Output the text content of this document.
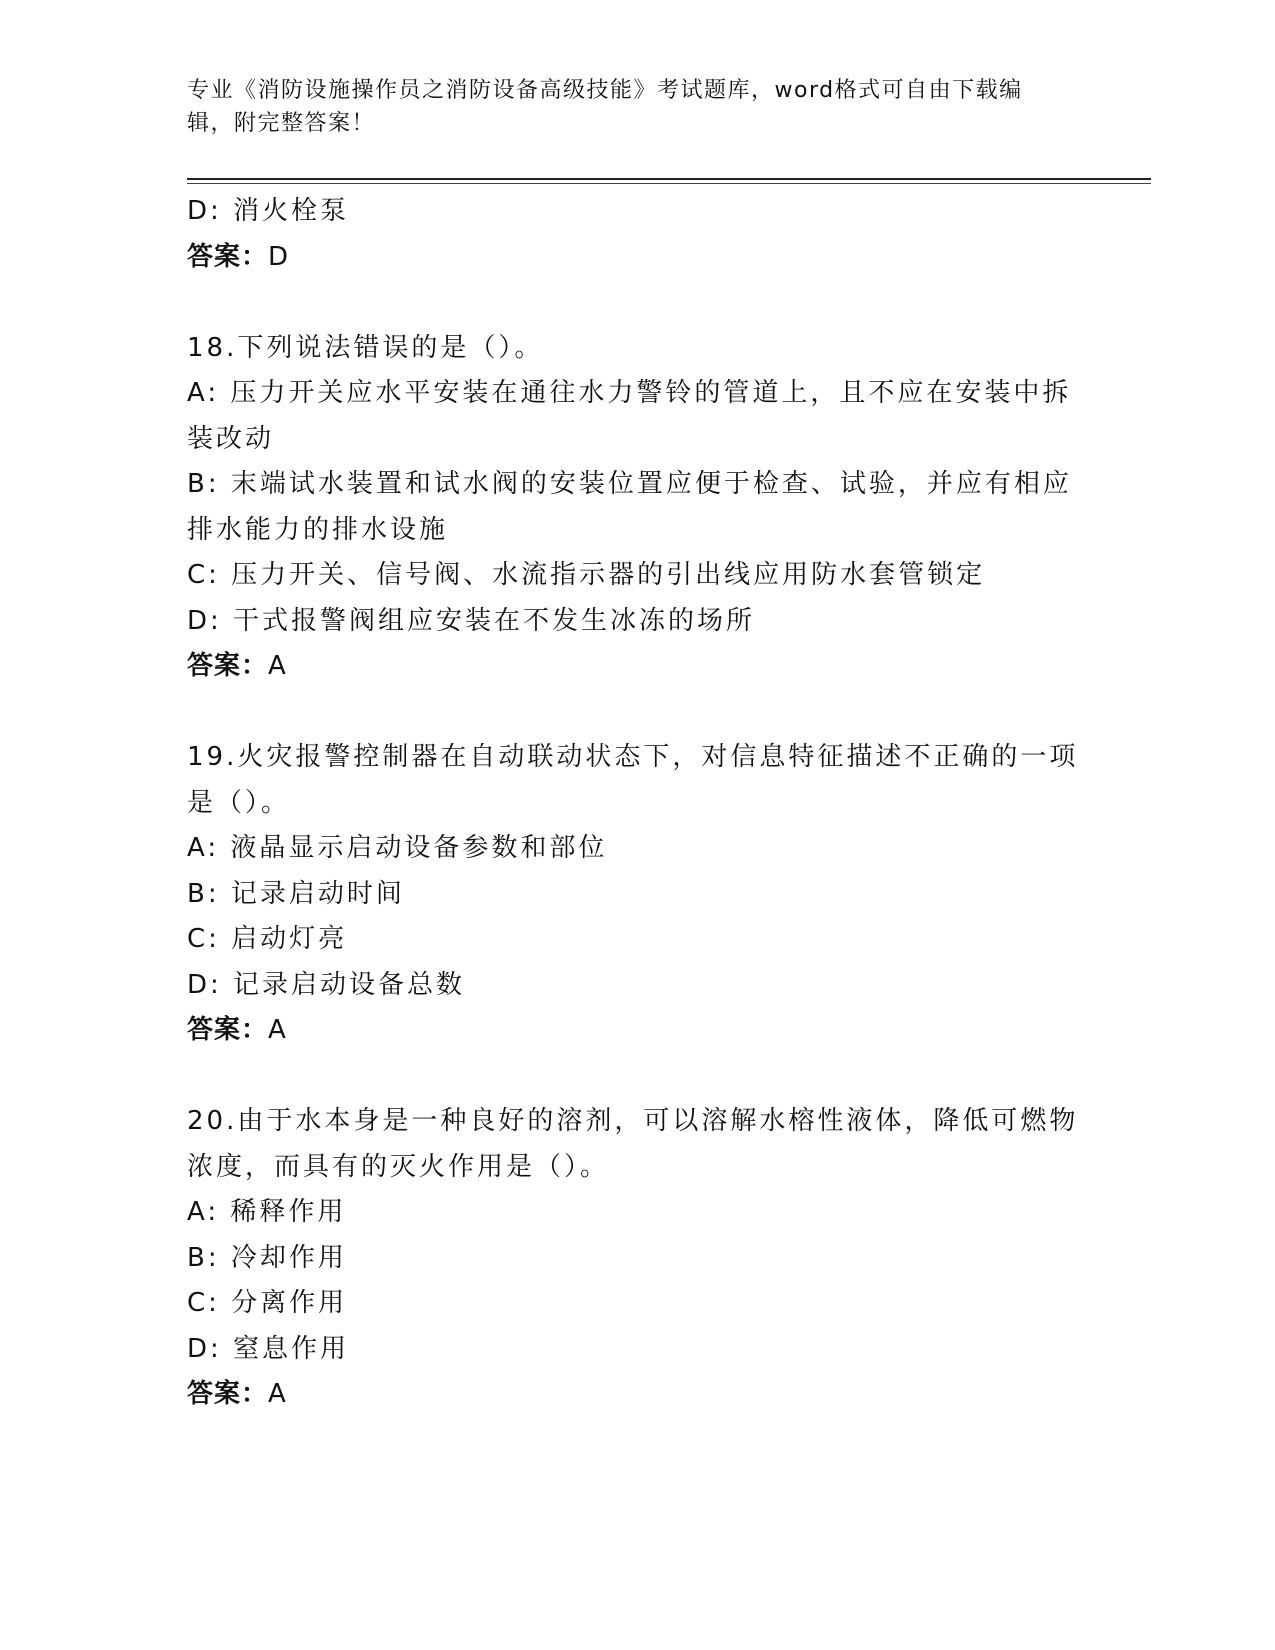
专业《消防设施操作员之消防设备高级技能》考试题库，word格式可自由下载编辑，附完整答案！
D: 消火栓泵
答案：D
18.下列说法错误的是（）。
A: 压力开关应水平安装在通往水力警铃的管道上，且不应在安装中拆装改动
B: 末端试水装置和试水阀的安装位置应便于检查、试验，并应有相应排水能力的排水设施
C: 压力开关、信号阀、水流指示器的引出线应用防水套管锁定
D: 干式报警阀组应安装在不发生冰冻的场所
答案：A
19.火灾报警控制器在自动联动状态下，对信息特征描述不正确的一项是（）。
A: 液晶显示启动设备参数和部位
B: 记录启动时间
C: 启动灯亮
D: 记录启动设备总数
答案：A
20.由于水本身是一种良好的溶剂，可以溶解水榕性液体，降低可燃物浓度，而具有的灭火作用是（）。
A: 稀释作用
B: 冷却作用
C: 分离作用
D: 窒息作用
答案：A
